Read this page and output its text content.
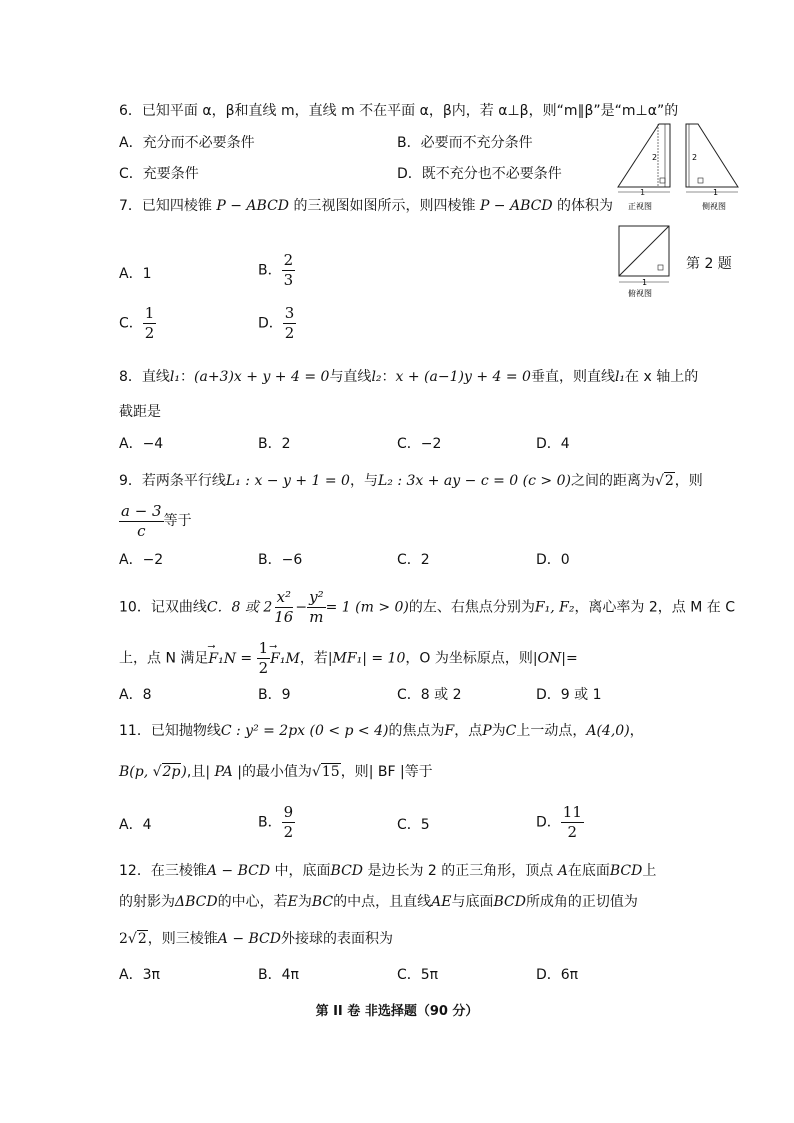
6．已知平面 α，β和直线 m，直线 m 不在平面 α，β内，若 α⊥β，则“m∥β”是“m⊥α”的
A．充分而不必要条件	B．必要而不充分条件
C．充要条件	D．既不充分也不必要条件
7．已知四棱锥 P − ABCD 的三视图如图所示，则四棱锥 P − ABCD 的体积为
A．1	B． $\frac{2}{3}$
C． $\frac{1}{2}$	D． $\frac{3}{2}$
2
1
正视图
2
1
侧视图
1
俯视图
第 2 题
8．直线l₁：(a+3)x + y + 4 = 0与直线l₂：x + (a−1)y + 4 = 0垂直，则直线l₁在 x 轴上的
截距是
A．−4	B．2	C．−2	D．4
9．若两条平行线L₁ : x − y + 1 = 0，与L₂ : 3x + ay − c = 0 (c > 0)之间的距离为√2，则
$\frac{a - 3}{c}$ 等于
A．−2	B．−6	C．2	D．0
10．记双曲线C．8 或 $2 \frac{\text{x²}}{16} - \frac{\text{y²}}{m} = 1$ (m > 0)的左、右焦点分别为F₁, F₂，离心率为 2，点 M 在 C
上，点 N 满足
⟶
$F_1N = \frac{1}{2}$ ⟶
F₁M，若|MF₁| = 10，O 为坐标原点，则|ON|=
A．8	B．9	C．8 或 2	D．9 或 1
11．已知抛物线C : y² = 2px (0 < p < 4)的焦点为F，点P为C上一动点，A(4,0)，
B(p, √2p),且| PA |的最小值为√15，则| BF |等于
A．4	B． $\frac{9}{2}$	C．5	D． $\frac{11}{2}$
12．在三棱锥A − BCD 中，底面BCD 是边长为 2 的正三角形，顶点 A在底面BCD上
的射影为ΔBCD的中心，若E为BC的中点，且直线AE与底面BCD所成角的正切值为
2√2，则三棱锥A − BCD外接球的表面积为
A．3π	B．4π	C．5π	D．6π
第 II 卷 非选择题（90 分）
